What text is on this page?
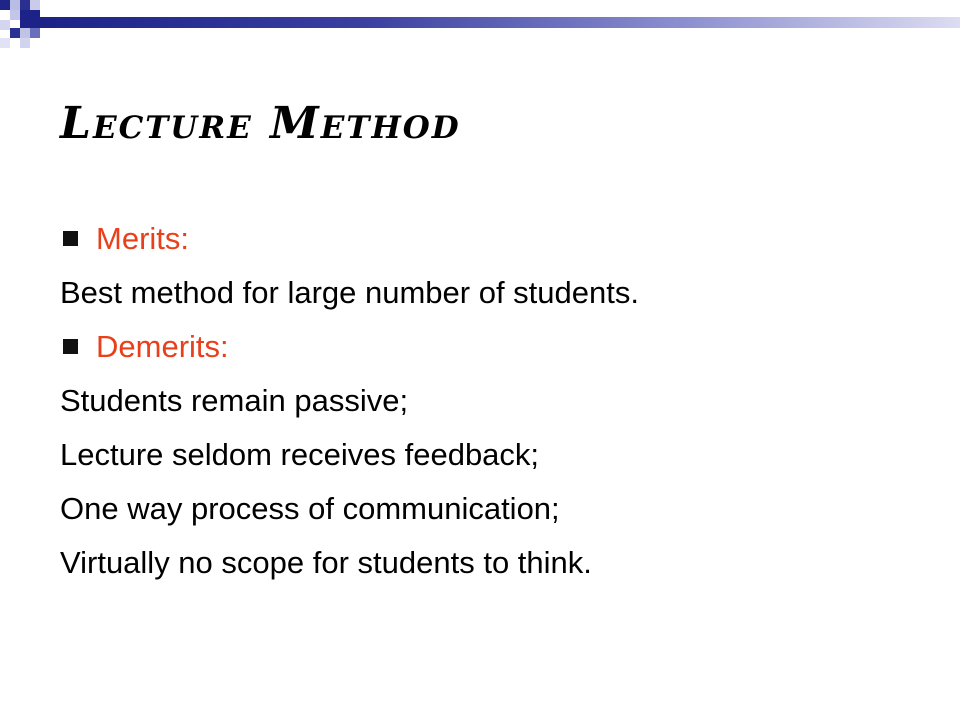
Lecture Method
Merits:
Best method for large number of students.
Demerits:
Students remain passive;
Lecture seldom receives feedback;
One way process of communication;
Virtually no scope for students to think.
